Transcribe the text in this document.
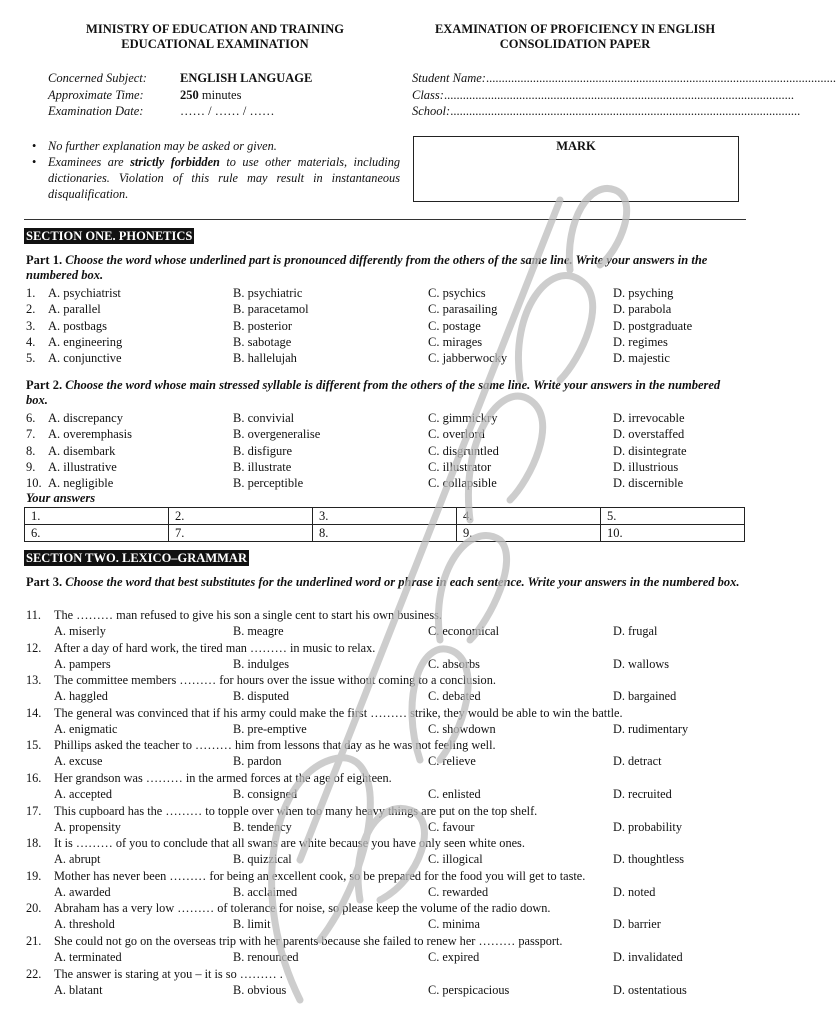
MINISTRY OF EDUCATION AND TRAINING
EDUCATIONAL EXAMINATION
EXAMINATION OF PROFICIENCY IN ENGLISH
CONSOLIDATION PAPER
Concerned Subject:	ENGLISH LANGUAGE
Approximate Time:	250 minutes
Examination Date:	…… / …… / ……
Student Name: ................................................................................................................
Class: ................................................................................................................
School: ................................................................................................................
• No further explanation may be asked or given.
• Examinees are strictly forbidden to use other materials, including dictionaries. Violation of this rule may result in instantaneous disqualification.
MARK
SECTION ONE. PHONETICS
Part 1. Choose the word whose underlined part is pronounced differently from the others of the same line. Write your answers in the numbered box.
1. A. psychiatrist	B. psychiatric	C. psychics	D. psyching
2. A. parallel	B. paracetamol	C. parasailing	D. parabola
3. A. postbags	B. posterior	C. postage	D. postgraduate
4. A. engineering	B. sabotage	C. mirages	D. regimes
5. A. conjunctive	B. hallelujah	C. jabberwocky	D. majestic
Part 2. Choose the word whose main stressed syllable is different from the others of the same line. Write your answers in the numbered box.
6. A. discrepancy	B. convivial	C. gimmickry	D. irrevocable
7. A. overemphasis	B. overgeneralise	C. overlord	D. overstaffed
8. A. disembark	B. disfigure	C. disgruntled	D. disintegrate
9. A. illustrative	B. illustrate	C. illustrator	D. illustrious
10. A. negligible	B. perceptible	C. collapsible	D. discernible
Your answers
1.	2.	3.	4.	5.
6.	7.	8.	9.	10.
SECTION TWO. LEXICO–GRAMMAR
Part 3. Choose the word that best substitutes for the underlined word or phrase in each sentence. Write your answers in the numbered box.
11. The ……… man refused to give his son a single cent to start his own business.
A. miserly	B. meagre	C. economical	D. frugal
12. After a day of hard work, the tired man ……… in music to relax.
A. pampers	B. indulges	C. absorbs	D. wallows
13. The committee members ……… for hours over the issue without coming to a conclusion.
A. haggled	B. disputed	C. debated	D. bargained
14. The general was convinced that if his army could make the first ……… strike, they would be able to win the battle.
A. enigmatic	B. pre-emptive	C. showdown	D. rudimentary
15. Phillips asked the teacher to ……… him from lessons that day as he was not feeling well.
A. excuse	B. pardon	C. relieve	D. detract
16. Her grandson was ……… in the armed forces at the age of eighteen.
A. accepted	B. consigned	C. enlisted	D. recruited
17. This cupboard has the ……… to topple over when too many heavy things are put on the top shelf.
A. propensity	B. tendency	C. favour	D. probability
18. It is ……… of you to conclude that all swans are white because you have only seen white ones.
A. abrupt	B. quizzical	C. illogical	D. thoughtless
19. Mother has never been ……… for being an excellent cook, so be prepared for the food you will get to taste.
A. awarded	B. acclaimed	C. rewarded	D. noted
20. Abraham has a very low ……… of tolerance for noise, so please keep the volume of the radio down.
A. threshold	B. limit	C. minima	D. barrier
21. She could not go on the overseas trip with her parents because she failed to renew her ……… passport.
A. terminated	B. renounced	C. expired	D. invalidated
22. The answer is staring at you – it is so ……… .
A. blatant	B. obvious	C. perspicacious	D. ostentatious
